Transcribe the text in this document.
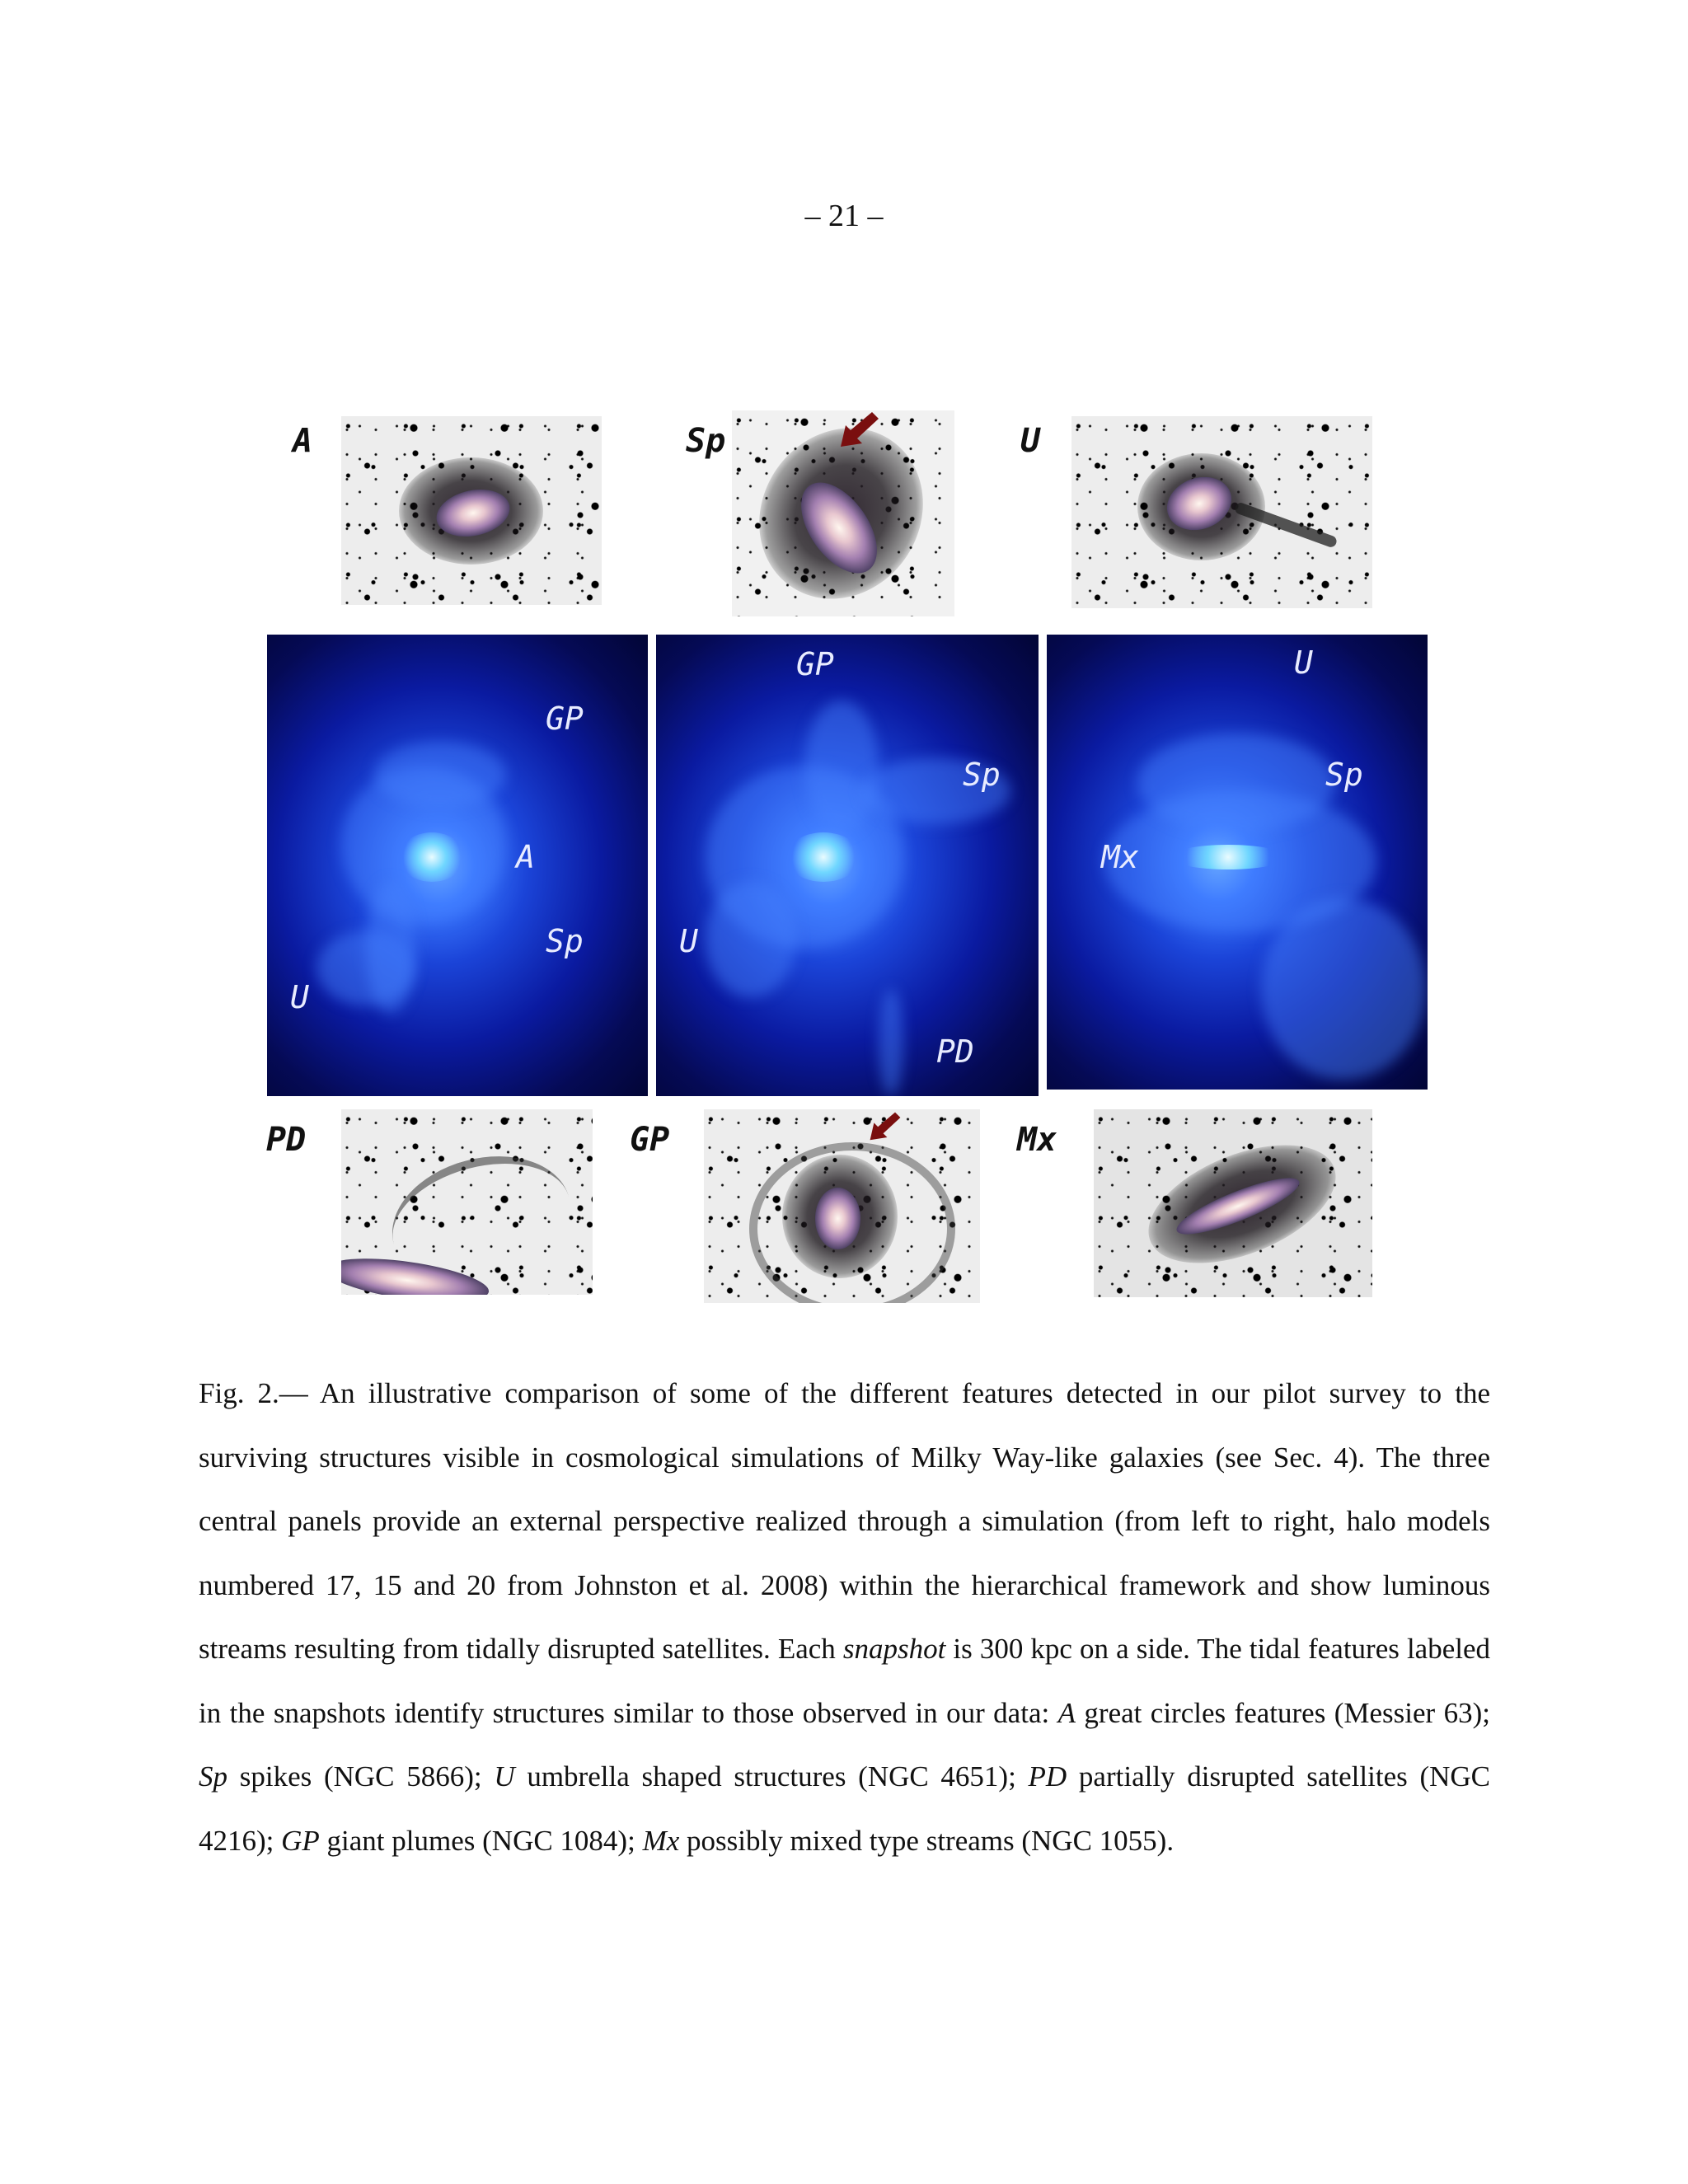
– 21 –
A	Sp	U
GP
A
Sp
U
GP
Sp
U
PD
U
Sp
Mx
PD	GP	Mx

Fig. 2.— An illustrative comparison of some of the different features detected in our pilot survey to the surviving structures visible in cosmological simulations of Milky Way-like galaxies (see Sec. 4). The three central panels provide an external perspective realized through a simulation (from left to right, halo models numbered 17, 15 and 20 from Johnston et al. 2008) within the hierarchical framework and show luminous streams resulting from tidally disrupted satellites. Each snapshot is 300 kpc on a side. The tidal features labeled in the snapshots identify structures similar to those observed in our data: A great circles features (Messier 63); Sp spikes (NGC 5866); U umbrella shaped structures (NGC 4651); PD partially disrupted satellites (NGC 4216); GP giant plumes (NGC 1084); Mx possibly mixed type streams (NGC 1055).
